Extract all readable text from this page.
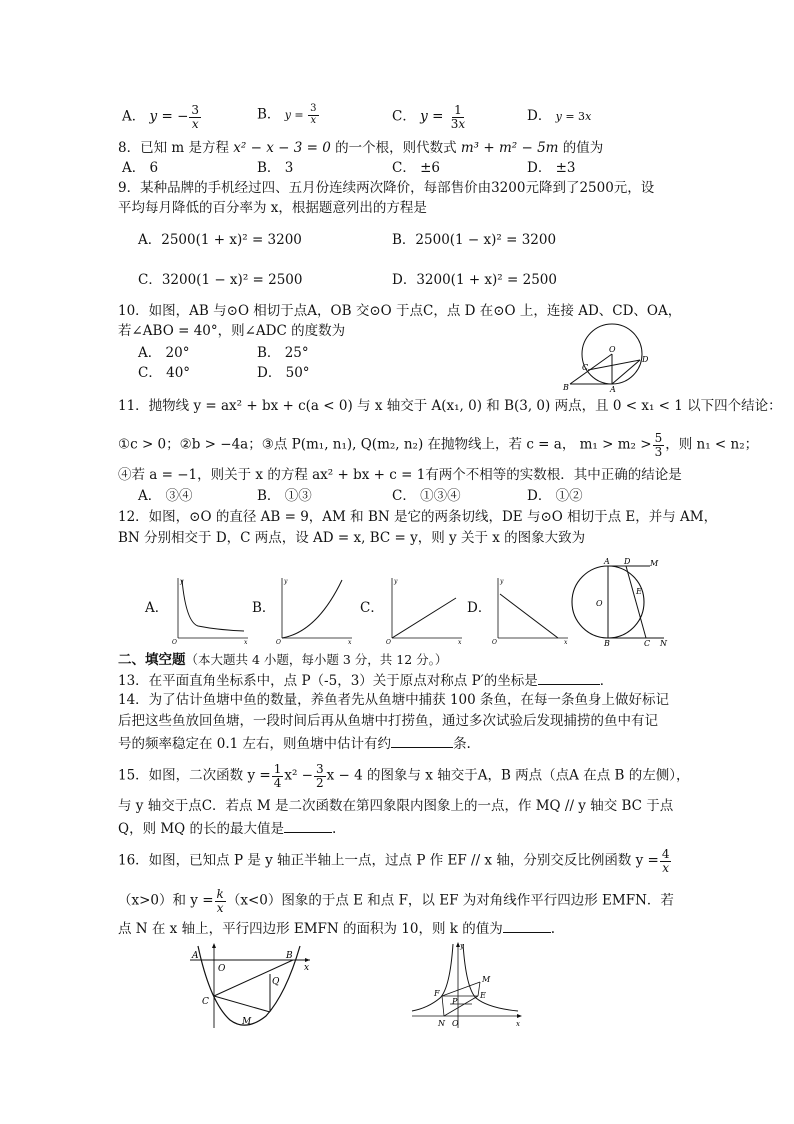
A． y = − $\frac{3}{x}$	B． $y = \frac{3}{x}$	C． $y = \frac{1}{3x}$	D． y = 3x
8．已知 m 是方程 x² − x − 3 = 0 的一个根，则代数式 m³ + m² − 5m 的值为
A． 6	B． 3	C． ±6	D． ±3
9．某种品牌的手机经过四、五月份连续两次降价，每部售价由3200元降到了2500元，设
平均每月降低的百分率为 x，根据题意列出的方程是
A．2500(1 + x)² = 3200	B．2500(1 − x)² = 3200
C．3200(1 − x)² = 2500	D．3200(1 + x)² = 2500
10．如图，AB 与⊙O 相切于点A，OB 交⊙O 于点C，点 D 在⊙O 上，连接 AD、CD、OA，
若∠ABO = 40°，则∠ADC 的度数为
A． 20°	B． 25°
C． 40°	D． 50°
O
C
D
B	A
11．抛物线 y = ax² + bx + c(a < 0) 与 x 轴交于 A(x₁, 0) 和 B(3, 0) 两点，且 0 < x₁ < 1 以下四个结论：
①c > 0；②b > −4a；③点 P(m₁, n₁), Q(m₂, n₂) 在抛物线上，若 c = a， $m_1 > m_2 > \frac{5}{3}$ ，则 n₁ < n₂；
④若 a = −1，则关于 x 的方程 ax² + bx + c = 1有两个不相等的实数根．其中正确的结论是
A． ③④	B． ①③	C． ①③④	D． ①②
12．如图，⊙O 的直径 AB = 9，AM 和 BN 是它的两条切线，DE 与⊙O 相切于点 E，并与 AM，
BN 分别相交于 D，C 两点，设 AD = x, BC = y，则 y 关于 x 的图象大致为
A．
y
O	x
B．
y
O	x
C．
y
O	x
D．
y
O	x
A D M
O
E
B	C N
二、填空题（本大题共 4 小题，每小题 3 分，共 12 分。）
13．在平面直角坐标系中，点 P（-5，3）关于原点对称点 P′的坐标是	．
14．为了估计鱼塘中鱼的数量，养鱼者先从鱼塘中捕获 100 条鱼，在每一条鱼身上做好标记
后把这些鱼放回鱼塘，一段时间后再从鱼塘中打捞鱼，通过多次试验后发现捕捞的鱼中有记
号的频率稳定在 0.1 左右，则鱼塘中估计有约	条.
15．如图，二次函数 $y = \frac{1}{4} x^2 - \frac{3}{2}$ x − 4 的图象与 x 轴交于A，B 两点（点A 在点 B 的左侧），
与 y 轴交于点C．若点 M 是二次函数在第四象限内图象上的一点，作 MQ // y 轴交 BC 于点
Q，则 MQ 的长的最大值是	.
16．如图，已知点 P 是 y 轴正半轴上一点，过点 P 作 EF // x 轴，分别交反比例函数 $y = \frac{4}{x}$
（x>0）和 $y = \frac{k}{x} (x<0)$图象的于点 E 和点 F，以 EF 为对角线作平行四边形 EMFN．若
点 N 在 x 轴上，平行四边形 EMFN 的面积为 10，则 k 的值为	.
A
O
B
x
C
Q
M
y
M
F	E
P
N O	x
